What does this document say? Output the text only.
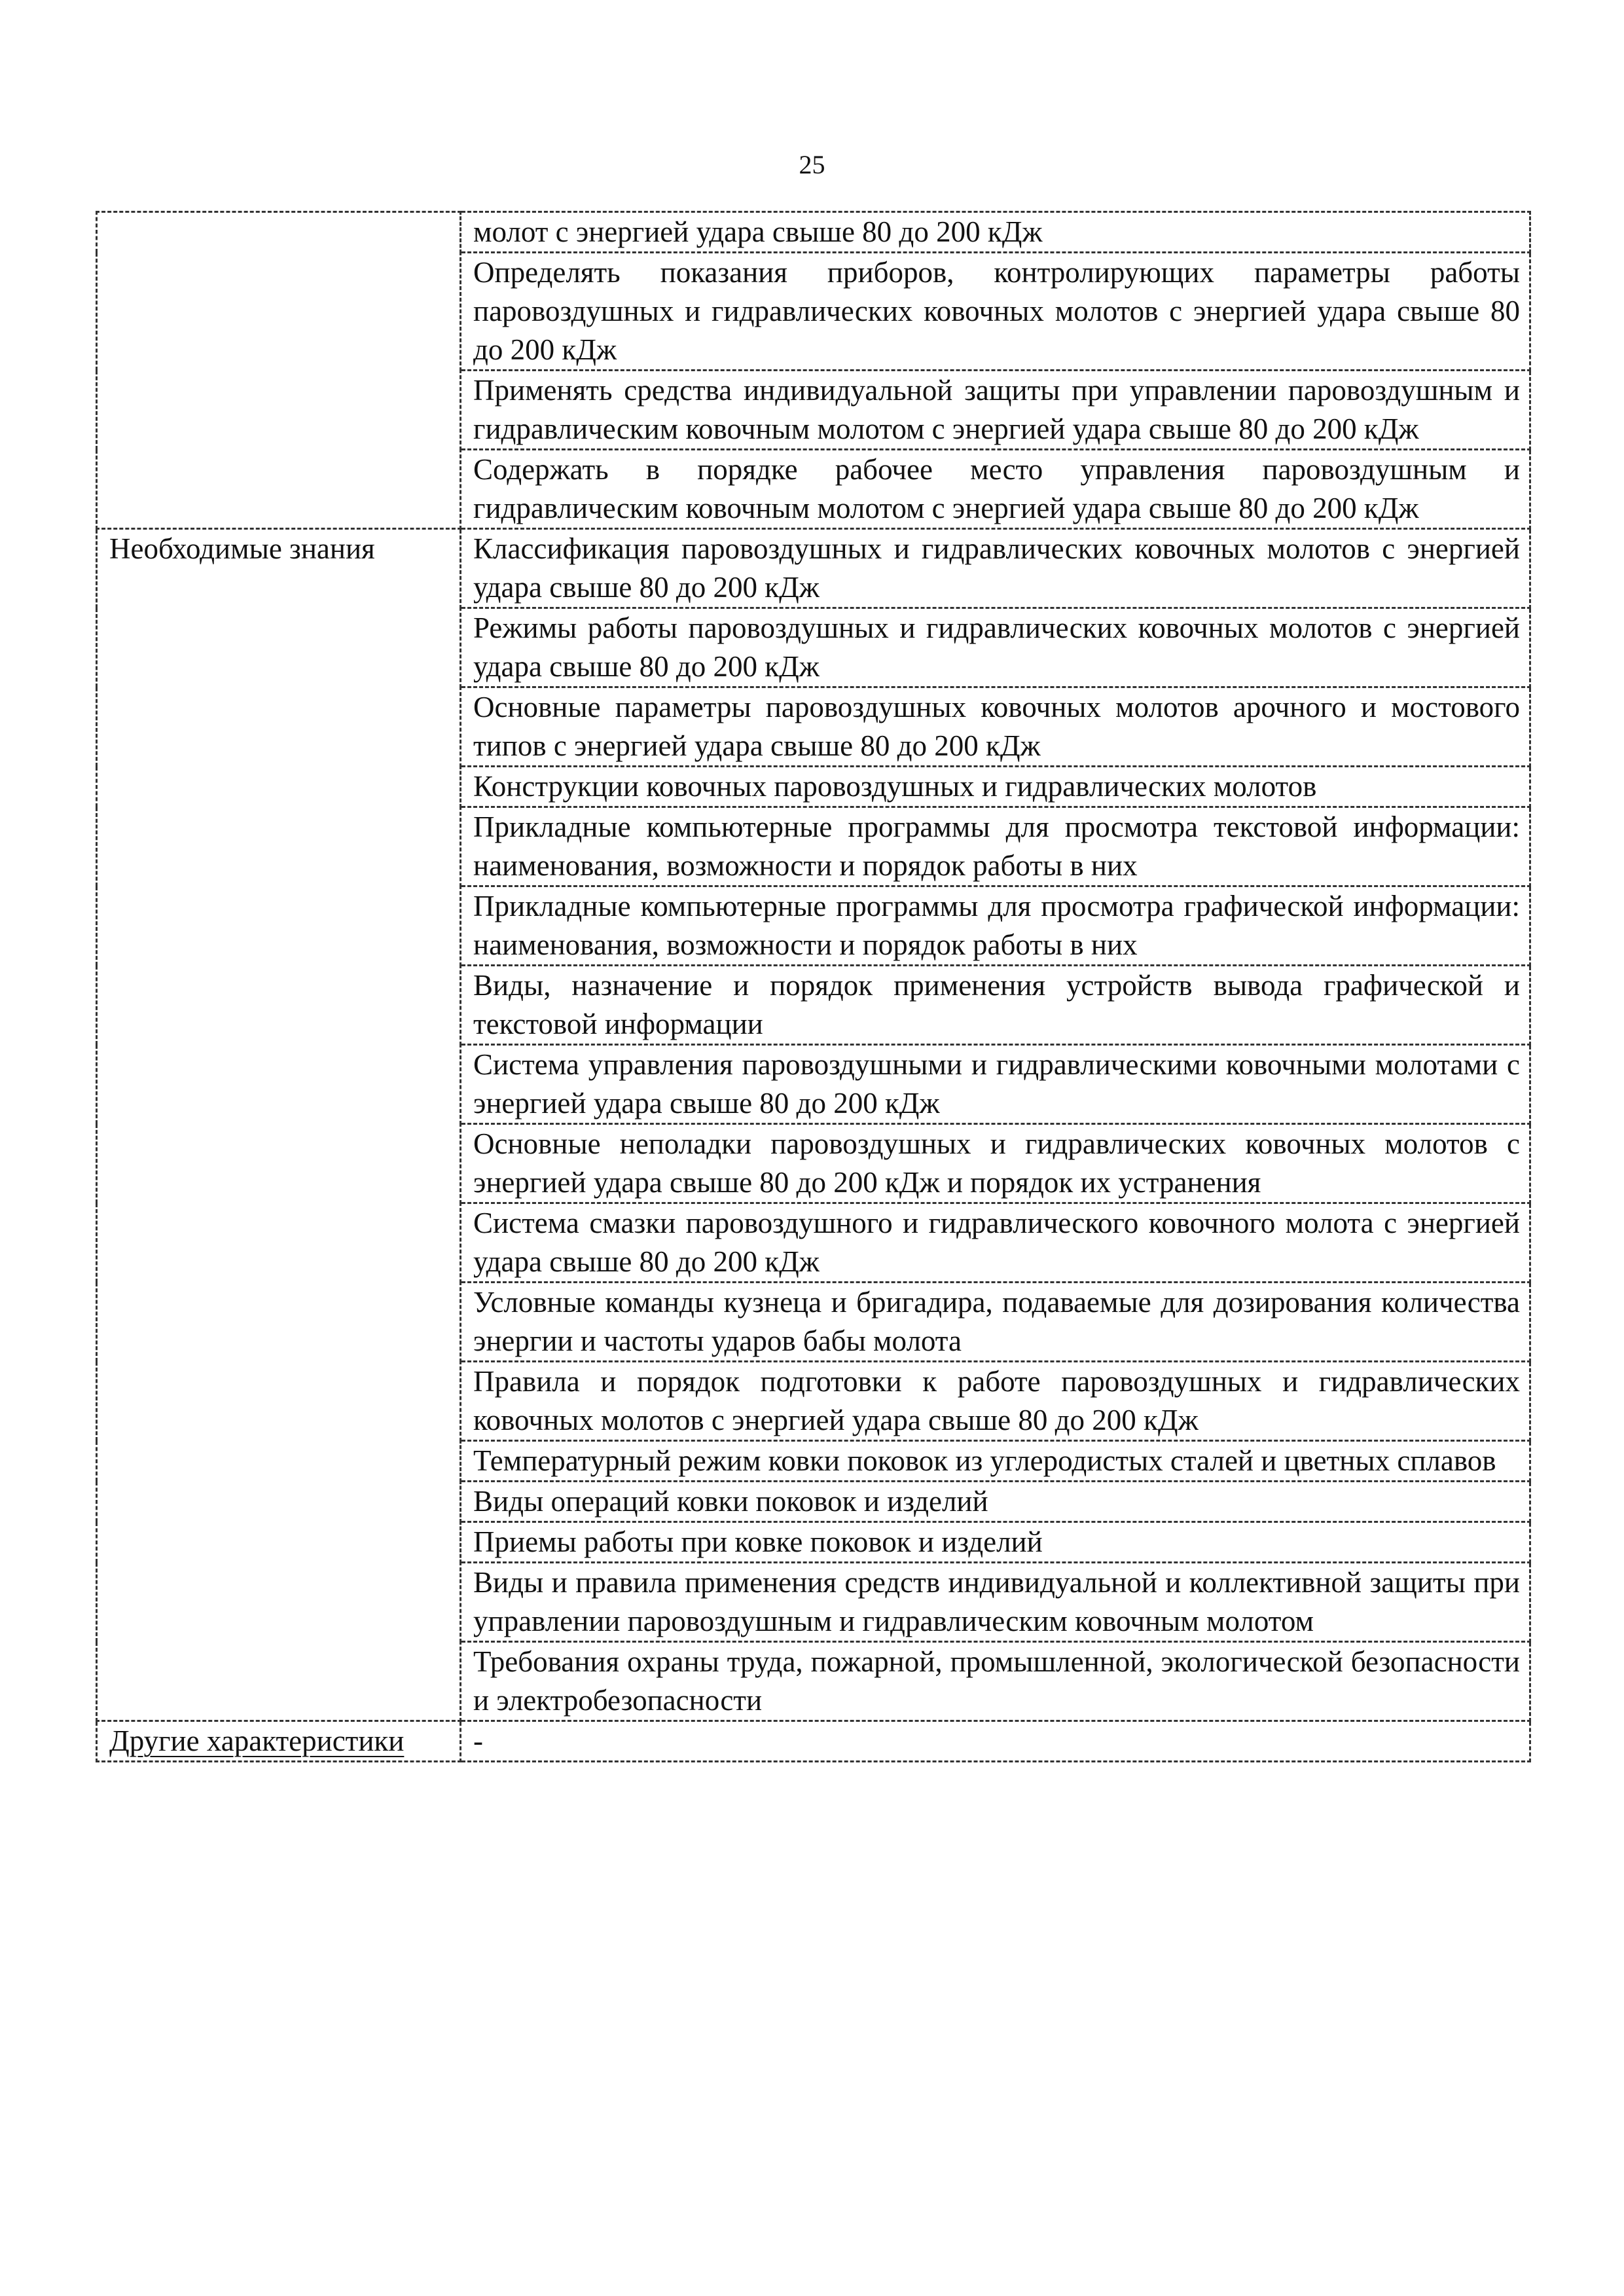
25
	молот с энергией удара свыше 80 до 200 кДж
	Определять показания приборов, контролирующих параметры работы паровоздушных и гидравлических ковочных молотов с энергией удара свыше 80 до 200 кДж
	Применять средства индивидуальной защиты при управлении паровоздушным и гидравлическим ковочным молотом с энергией удара свыше 80 до 200 кДж
	Содержать в порядке рабочее место управления паровоздушным и гидравлическим ковочным молотом с энергией удара свыше 80 до 200 кДж

Необходимые знания	Классификация паровоздушных и гидравлических ковочных молотов с энергией удара свыше 80 до 200 кДж
	Режимы работы паровоздушных и гидравлических ковочных молотов с энергией удара свыше 80 до 200 кДж
	Основные параметры паровоздушных ковочных молотов арочного и мостового типов с энергией удара свыше 80 до 200 кДж
	Конструкции ковочных паровоздушных и гидравлических молотов
	Прикладные компьютерные программы для просмотра текстовой информации: наименования, возможности и порядок работы в них
	Прикладные компьютерные программы для просмотра графической информации: наименования, возможности и порядок работы в них
	Виды, назначение и порядок применения устройств вывода графической и текстовой информации
	Система управления паровоздушными и гидравлическими ковочными молотами с энергией удара свыше 80 до 200 кДж
	Основные неполадки паровоздушных и гидравлических ковочных молотов с энергией удара свыше 80 до 200 кДж и порядок их устранения
	Система смазки паровоздушного и гидравлического ковочного молота с энергией удара свыше 80 до 200 кДж
	Условные команды кузнеца и бригадира, подаваемые для дозирования количества энергии и частоты ударов бабы молота
	Правила и порядок подготовки к работе паровоздушных и гидравлических ковочных молотов с энергией удара свыше 80 до 200 кДж
	Температурный режим ковки поковок из углеродистых сталей и цветных сплавов
	Виды операций ковки поковок и изделий
	Приемы работы при ковке поковок и изделий
	Виды и правила применения средств индивидуальной и коллективной защиты при управлении паровоздушным и гидравлическим ковочным молотом
	Требования охраны труда, пожарной, промышленной, экологической безопасности и электробезопасности

Другие характеристики	-
